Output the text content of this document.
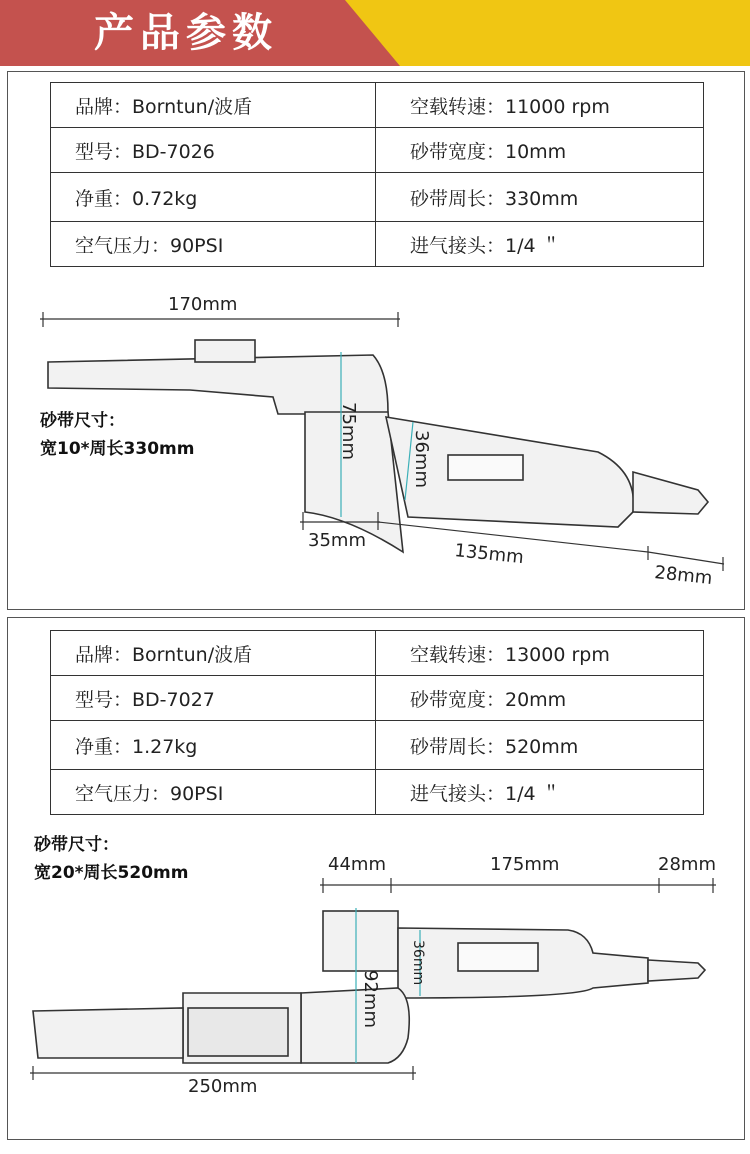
产品参数
品牌：Borntun/波盾	空载转速：11000 rpm
型号：BD-7026	砂带宽度：10mm
净重：0.72kg	砂带周长：330mm
空气压力：90PSI	进气接头：1/4 ＂
砂带尺寸：
宽10*周长330mm
170mm
75mm	36mm
35mm	135mm
28mm
品牌：Borntun/波盾	空载转速：13000 rpm
型号：BD-7027	砂带宽度：20mm
净重：1.27kg	砂带周长：520mm
空气压力：90PSI	进气接头：1/4 ＂
砂带尺寸：
宽20*周长520mm	44mm	175mm	28mm
36mm
92mm
250mm
